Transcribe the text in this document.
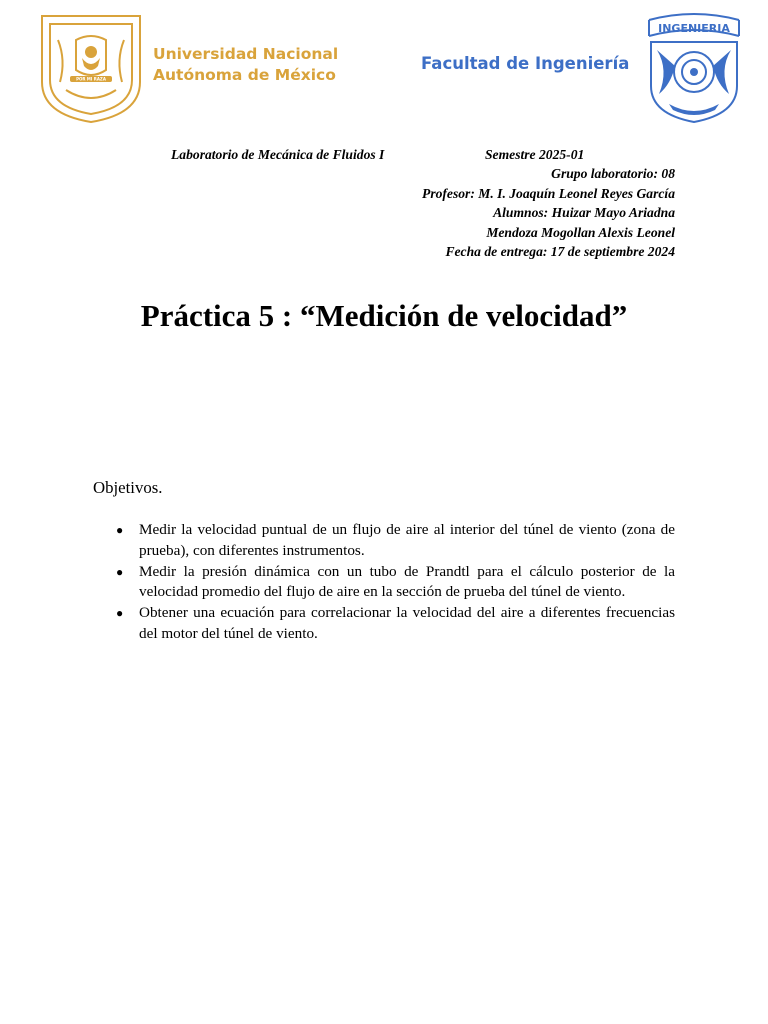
POR MI RAZA
Universidad Nacional
Autónoma de México
Facultad de Ingeniería
INGENIERIA
Laboratorio de Mecánica de Fluidos I	Semestre 2025-01
Grupo laboratorio: 08
Profesor: M. I. Joaquín Leonel Reyes García
Alumnos: Huizar Mayo Ariadna
Mendoza Mogollan Alexis Leonel
Fecha de entrega: 17 de septiembre 2024
Práctica 5 : “Medición de velocidad”
Objetivos.
● Medir la velocidad puntual de un flujo de aire al interior del túnel de viento (zona de prueba), con diferentes instrumentos.
● Medir la presión dinámica con un tubo de Prandtl para el cálculo posterior de la velocidad promedio del flujo de aire en la sección de prueba del túnel de viento.
● Obtener una ecuación para correlacionar la velocidad del aire a diferentes frecuencias del motor del túnel de viento.
